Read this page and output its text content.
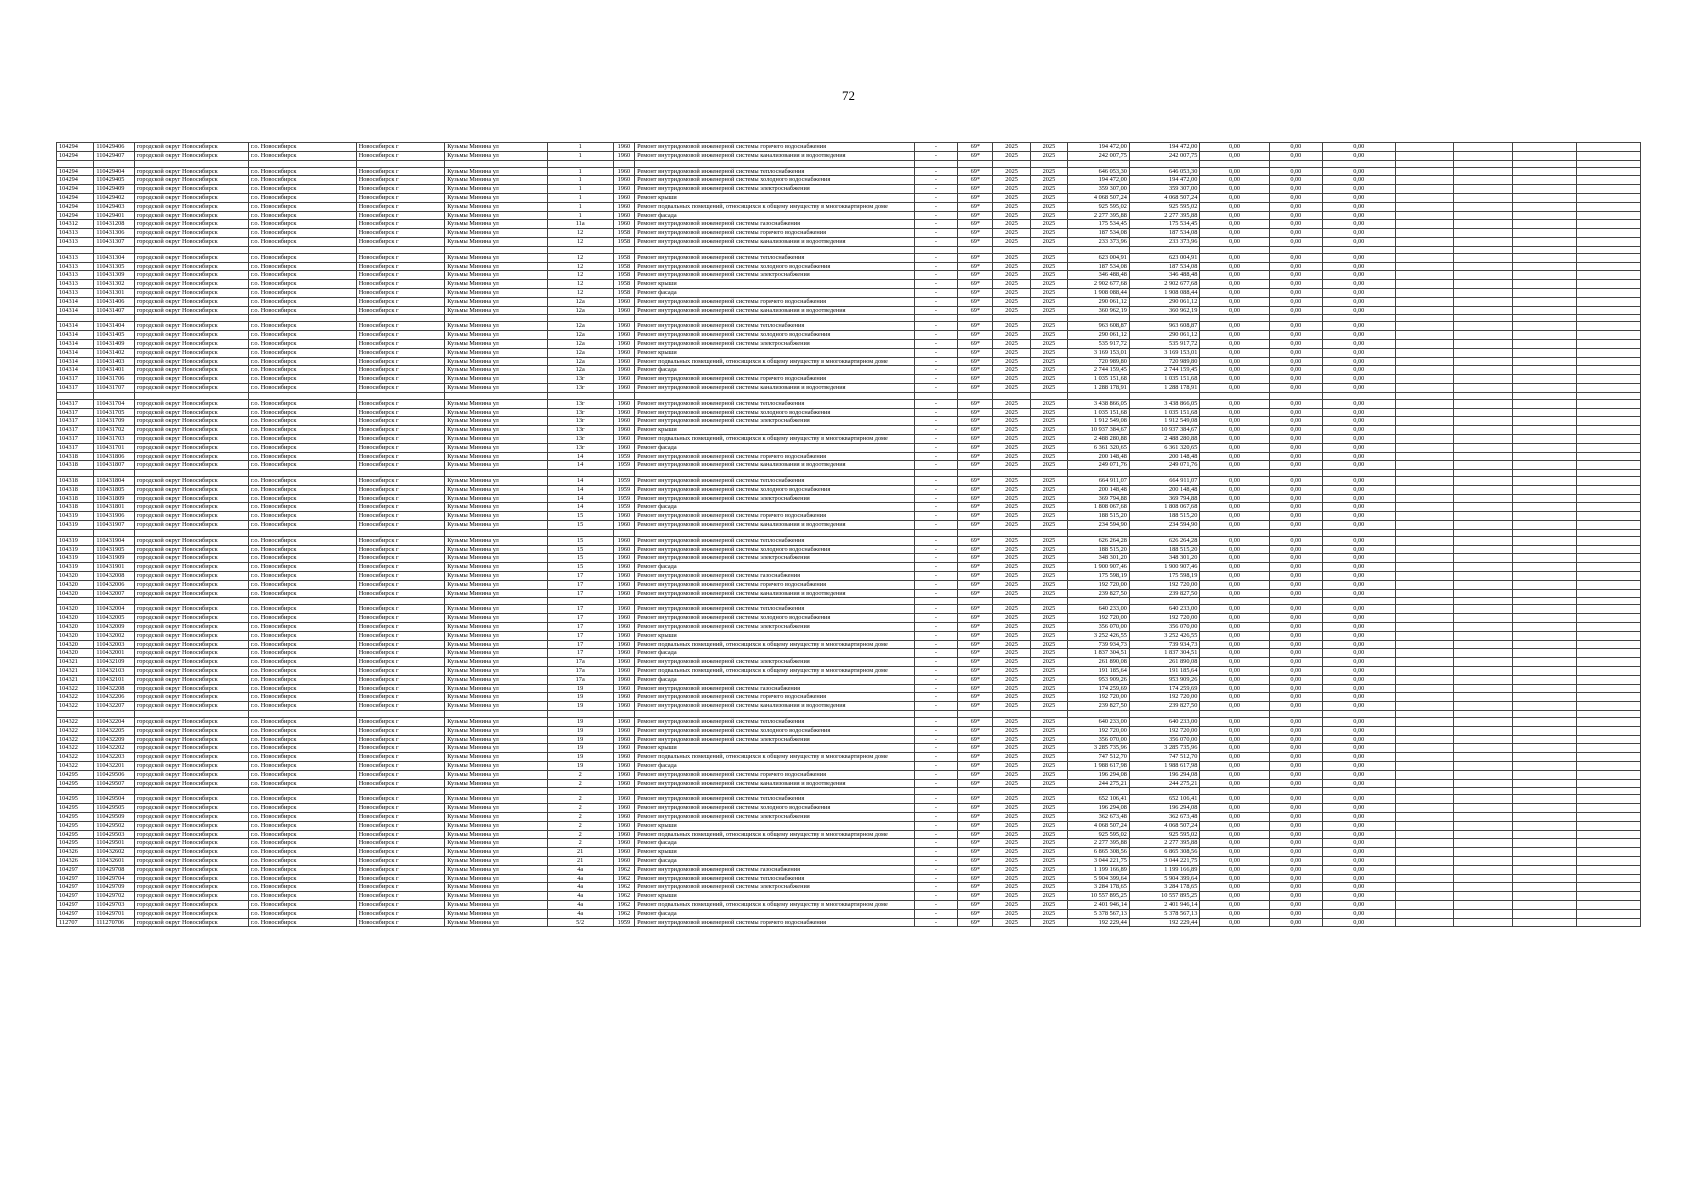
72
104294	110429406	городской округ Новосибирск	г.о. Новосибирск	Новосибирск г	Кузьмы Минина ул	1	1960	Ремонт внутридомовой инженерной системы горячего водоснабжения	-	69*	2025	2025	194 472,00	194 472,00	0,00	0,00	0,00				
104294	110429407	городской округ Новосибирск	г.о. Новосибирск	Новосибирск г	Кузьмы Минина ул	1	1960	Ремонт внутридомовой инженерной системы канализования и водоотведения	-	69*	2025	2025	242 007,75	242 007,75	0,00	0,00	0,00				

104294	110429404	городской округ Новосибирск	г.о. Новосибирск	Новосибирск г	Кузьмы Минина ул	1	1960	Ремонт внутридомовой инженерной системы теплоснабжения	-	69*	2025	2025	646 053,30	646 053,30	0,00	0,00	0,00				
104294	110429405	городской округ Новосибирск	г.о. Новосибирск	Новосибирск г	Кузьмы Минина ул	1	1960	Ремонт внутридомовой инженерной системы холодного водоснабжения	-	69*	2025	2025	194 472,00	194 472,00	0,00	0,00	0,00				
104294	110429409	городской округ Новосибирск	г.о. Новосибирск	Новосибирск г	Кузьмы Минина ул	1	1960	Ремонт внутридомовой инженерной системы электроснабжения	-	69*	2025	2025	359 307,00	359 307,00	0,00	0,00	0,00				
104294	110429402	городской округ Новосибирск	г.о. Новосибирск	Новосибирск г	Кузьмы Минина ул	1	1960	Ремонт крыши	-	69*	2025	2025	4 068 507,24	4 068 507,24	0,00	0,00	0,00				
104294	110429403	городской округ Новосибирск	г.о. Новосибирск	Новосибирск г	Кузьмы Минина ул	1	1960	Ремонт подвальных помещений, относящихся к общему имуществу в многоквартирном доме	-	69*	2025	2025	925 595,02	925 595,02	0,00	0,00	0,00				
104294	110429401	городской округ Новосибирск	г.о. Новосибирск	Новосибирск г	Кузьмы Минина ул	1	1960	Ремонт фасада	-	69*	2025	2025	2 277 395,88	2 277 395,88	0,00	0,00	0,00				
104312	110431208	городской округ Новосибирск	г.о. Новосибирск	Новосибирск г	Кузьмы Минина ул	11а	1960	Ремонт внутридомовой инженерной системы газоснабжения	-	69*	2025	2025	175 534,45	175 534,45	0,00	0,00	0,00				
104313	110431306	городской округ Новосибирск	г.о. Новосибирск	Новосибирск г	Кузьмы Минина ул	12	1958	Ремонт внутридомовой инженерной системы горячего водоснабжения	-	69*	2025	2025	187 534,08	187 534,08	0,00	0,00	0,00				
104313	110431307	городской округ Новосибирск	г.о. Новосибирск	Новосибирск г	Кузьмы Минина ул	12	1958	Ремонт внутридомовой инженерной системы канализования и водоотведения	-	69*	2025	2025	233 373,96	233 373,96	0,00	0,00	0,00				

104313	110431304	городской округ Новосибирск	г.о. Новосибирск	Новосибирск г	Кузьмы Минина ул	12	1958	Ремонт внутридомовой инженерной системы теплоснабжения	-	69*	2025	2025	623 004,91	623 004,91	0,00	0,00	0,00				
104313	110431305	городской округ Новосибирск	г.о. Новосибирск	Новосибирск г	Кузьмы Минина ул	12	1958	Ремонт внутридомовой инженерной системы холодного водоснабжения	-	69*	2025	2025	187 534,08	187 534,08	0,00	0,00	0,00				
104313	110431309	городской округ Новосибирск	г.о. Новосибирск	Новосибирск г	Кузьмы Минина ул	12	1958	Ремонт внутридомовой инженерной системы электроснабжения	-	69*	2025	2025	346 488,48	346 488,48	0,00	0,00	0,00				
104313	110431302	городской округ Новосибирск	г.о. Новосибирск	Новосибирск г	Кузьмы Минина ул	12	1958	Ремонт крыши	-	69*	2025	2025	2 902 677,68	2 902 677,68	0,00	0,00	0,00				
104313	110431301	городской округ Новосибирск	г.о. Новосибирск	Новосибирск г	Кузьмы Минина ул	12	1958	Ремонт фасада	-	69*	2025	2025	1 908 088,44	1 908 088,44	0,00	0,00	0,00				
104314	110431406	городской округ Новосибирск	г.о. Новосибирск	Новосибирск г	Кузьмы Минина ул	12а	1960	Ремонт внутридомовой инженерной системы горячего водоснабжения	-	69*	2025	2025	290 061,12	290 061,12	0,00	0,00	0,00				
104314	110431407	городской округ Новосибирск	г.о. Новосибирск	Новосибирск г	Кузьмы Минина ул	12а	1960	Ремонт внутридомовой инженерной системы канализования и водоотведения	-	69*	2025	2025	360 962,19	360 962,19	0,00	0,00	0,00				

104314	110431404	городской округ Новосибирск	г.о. Новосибирск	Новосибирск г	Кузьмы Минина ул	12а	1960	Ремонт внутридомовой инженерной системы теплоснабжения	-	69*	2025	2025	963 608,87	963 608,87	0,00	0,00	0,00				
104314	110431405	городской округ Новосибирск	г.о. Новосибирск	Новосибирск г	Кузьмы Минина ул	12а	1960	Ремонт внутридомовой инженерной системы холодного водоснабжения	-	69*	2025	2025	290 061,12	290 061,12	0,00	0,00	0,00				
104314	110431409	городской округ Новосибирск	г.о. Новосибирск	Новосибирск г	Кузьмы Минина ул	12а	1960	Ремонт внутридомовой инженерной системы электроснабжения	-	69*	2025	2025	535 917,72	535 917,72	0,00	0,00	0,00				
104314	110431402	городской округ Новосибирск	г.о. Новосибирск	Новосибирск г	Кузьмы Минина ул	12а	1960	Ремонт крыши	-	69*	2025	2025	3 169 153,01	3 169 153,01	0,00	0,00	0,00				
104314	110431403	городской округ Новосибирск	г.о. Новосибирск	Новосибирск г	Кузьмы Минина ул	12а	1960	Ремонт подвальных помещений, относящихся к общему имуществу в многоквартирном доме	-	69*	2025	2025	720 989,80	720 989,80	0,00	0,00	0,00				
104314	110431401	городской округ Новосибирск	г.о. Новосибирск	Новосибирск г	Кузьмы Минина ул	12а	1960	Ремонт фасада	-	69*	2025	2025	2 744 159,45	2 744 159,45	0,00	0,00	0,00				
104317	110431706	городской округ Новосибирск	г.о. Новосибирск	Новосибирск г	Кузьмы Минина ул	13г	1960	Ремонт внутридомовой инженерной системы горячего водоснабжения	-	69*	2025	2025	1 035 151,68	1 035 151,68	0,00	0,00	0,00				
104317	110431707	городской округ Новосибирск	г.о. Новосибирск	Новосибирск г	Кузьмы Минина ул	13г	1960	Ремонт внутридомовой инженерной системы канализования и водоотведения	-	69*	2025	2025	1 288 178,91	1 288 178,91	0,00	0,00	0,00				

104317	110431704	городской округ Новосибирск	г.о. Новосибирск	Новосибирск г	Кузьмы Минина ул	13г	1960	Ремонт внутридомовой инженерной системы теплоснабжения	-	69*	2025	2025	3 438 866,05	3 438 866,05	0,00	0,00	0,00				
104317	110431705	городской округ Новосибирск	г.о. Новосибирск	Новосибирск г	Кузьмы Минина ул	13г	1960	Ремонт внутридомовой инженерной системы холодного водоснабжения	-	69*	2025	2025	1 035 151,68	1 035 151,68	0,00	0,00	0,00				
104317	110431709	городской округ Новосибирск	г.о. Новосибирск	Новосибирск г	Кузьмы Минина ул	13г	1960	Ремонт внутридомовой инженерной системы электроснабжения	-	69*	2025	2025	1 912 549,08	1 912 549,08	0,00	0,00	0,00				
104317	110431702	городской округ Новосибирск	г.о. Новосибирск	Новосибирск г	Кузьмы Минина ул	13г	1960	Ремонт крыши	-	69*	2025	2025	10 937 384,67	10 937 384,67	0,00	0,00	0,00				
104317	110431703	городской округ Новосибирск	г.о. Новосибирск	Новосибирск г	Кузьмы Минина ул	13г	1960	Ремонт подвальных помещений, относящихся к общему имуществу в многоквартирном доме	-	69*	2025	2025	2 488 280,88	2 488 280,88	0,00	0,00	0,00				
104317	110431701	городской округ Новосибирск	г.о. Новосибирск	Новосибирск г	Кузьмы Минина ул	13г	1960	Ремонт фасада	-	69*	2025	2025	6 361 320,65	6 361 320,65	0,00	0,00	0,00				
104318	110431806	городской округ Новосибирск	г.о. Новосибирск	Новосибирск г	Кузьмы Минина ул	14	1959	Ремонт внутридомовой инженерной системы горячего водоснабжения	-	69*	2025	2025	200 148,48	200 148,48	0,00	0,00	0,00				
104318	110431807	городской округ Новосибирск	г.о. Новосибирск	Новосибирск г	Кузьмы Минина ул	14	1959	Ремонт внутридомовой инженерной системы канализования и водоотведения	-	69*	2025	2025	249 071,76	249 071,76	0,00	0,00	0,00				

104318	110431804	городской округ Новосибирск	г.о. Новосибирск	Новосибирск г	Кузьмы Минина ул	14	1959	Ремонт внутридомовой инженерной системы теплоснабжения	-	69*	2025	2025	664 911,07	664 911,07	0,00	0,00	0,00				
104318	110431805	городской округ Новосибирск	г.о. Новосибирск	Новосибирск г	Кузьмы Минина ул	14	1959	Ремонт внутридомовой инженерной системы холодного водоснабжения	-	69*	2025	2025	200 148,48	200 148,48	0,00	0,00	0,00				
104318	110431809	городской округ Новосибирск	г.о. Новосибирск	Новосибирск г	Кузьмы Минина ул	14	1959	Ремонт внутридомовой инженерной системы электроснабжения	-	69*	2025	2025	369 794,88	369 794,88	0,00	0,00	0,00				
104318	110431801	городской округ Новосибирск	г.о. Новосибирск	Новосибирск г	Кузьмы Минина ул	14	1959	Ремонт фасада	-	69*	2025	2025	1 808 067,68	1 808 067,68	0,00	0,00	0,00				
104319	110431906	городской округ Новосибирск	г.о. Новосибирск	Новосибирск г	Кузьмы Минина ул	15	1960	Ремонт внутридомовой инженерной системы горячего водоснабжения	-	69*	2025	2025	188 515,20	188 515,20	0,00	0,00	0,00				
104319	110431907	городской округ Новосибирск	г.о. Новосибирск	Новосибирск г	Кузьмы Минина ул	15	1960	Ремонт внутридомовой инженерной системы канализования и водоотведения	-	69*	2025	2025	234 594,90	234 594,90	0,00	0,00	0,00				

104319	110431904	городской округ Новосибирск	г.о. Новосибирск	Новосибирск г	Кузьмы Минина ул	15	1960	Ремонт внутридомовой инженерной системы теплоснабжения	-	69*	2025	2025	626 264,28	626 264,28	0,00	0,00	0,00				
104319	110431905	городской округ Новосибирск	г.о. Новосибирск	Новосибирск г	Кузьмы Минина ул	15	1960	Ремонт внутридомовой инженерной системы холодного водоснабжения	-	69*	2025	2025	188 515,20	188 515,20	0,00	0,00	0,00				
104319	110431909	городской округ Новосибирск	г.о. Новосибирск	Новосибирск г	Кузьмы Минина ул	15	1960	Ремонт внутридомовой инженерной системы электроснабжения	-	69*	2025	2025	348 301,20	348 301,20	0,00	0,00	0,00				
104319	110431901	городской округ Новосибирск	г.о. Новосибирск	Новосибирск г	Кузьмы Минина ул	15	1960	Ремонт фасада	-	69*	2025	2025	1 900 907,46	1 900 907,46	0,00	0,00	0,00				
104320	110432008	городской округ Новосибирск	г.о. Новосибирск	Новосибирск г	Кузьмы Минина ул	17	1960	Ремонт внутридомовой инженерной системы газоснабжения	-	69*	2025	2025	175 598,19	175 598,19	0,00	0,00	0,00				
104320	110432006	городской округ Новосибирск	г.о. Новосибирск	Новосибирск г	Кузьмы Минина ул	17	1960	Ремонт внутридомовой инженерной системы горячего водоснабжения	-	69*	2025	2025	192 720,00	192 720,00	0,00	0,00	0,00				
104320	110432007	городской округ Новосибирск	г.о. Новосибирск	Новосибирск г	Кузьмы Минина ул	17	1960	Ремонт внутридомовой инженерной системы канализования и водоотведения	-	69*	2025	2025	239 827,50	239 827,50	0,00	0,00	0,00				

104320	110432004	городской округ Новосибирск	г.о. Новосибирск	Новосибирск г	Кузьмы Минина ул	17	1960	Ремонт внутридомовой инженерной системы теплоснабжения	-	69*	2025	2025	640 233,00	640 233,00	0,00	0,00	0,00				
104320	110432005	городской округ Новосибирск	г.о. Новосибирск	Новосибирск г	Кузьмы Минина ул	17	1960	Ремонт внутридомовой инженерной системы холодного водоснабжения	-	69*	2025	2025	192 720,00	192 720,00	0,00	0,00	0,00				
104320	110432009	городской округ Новосибирск	г.о. Новосибирск	Новосибирск г	Кузьмы Минина ул	17	1960	Ремонт внутридомовой инженерной системы электроснабжения	-	69*	2025	2025	356 070,00	356 070,00	0,00	0,00	0,00				
104320	110432002	городской округ Новосибирск	г.о. Новосибирск	Новосибирск г	Кузьмы Минина ул	17	1960	Ремонт крыши	-	69*	2025	2025	3 252 426,55	3 252 426,55	0,00	0,00	0,00				
104320	110432003	городской округ Новосибирск	г.о. Новосибирск	Новосибирск г	Кузьмы Минина ул	17	1960	Ремонт подвальных помещений, относящихся к общему имуществу в многоквартирном доме	-	69*	2025	2025	739 934,73	739 934,73	0,00	0,00	0,00				
104320	110432001	городской округ Новосибирск	г.о. Новосибирск	Новосибирск г	Кузьмы Минина ул	17	1960	Ремонт фасада	-	69*	2025	2025	1 837 304,51	1 837 304,51	0,00	0,00	0,00				
104321	110432109	городской округ Новосибирск	г.о. Новосибирск	Новосибирск г	Кузьмы Минина ул	17а	1960	Ремонт внутридомовой инженерной системы электроснабжения	-	69*	2025	2025	261 890,08	261 890,08	0,00	0,00	0,00				
104321	110432103	городской округ Новосибирск	г.о. Новосибирск	Новосибирск г	Кузьмы Минина ул	17а	1960	Ремонт подвальных помещений, относящихся к общему имуществу в многоквартирном доме	-	69*	2025	2025	191 185,64	191 185,64	0,00	0,00	0,00				
104321	110432101	городской округ Новосибирск	г.о. Новосибирск	Новосибирск г	Кузьмы Минина ул	17а	1960	Ремонт фасада	-	69*	2025	2025	953 909,26	953 909,26	0,00	0,00	0,00				
104322	110432208	городской округ Новосибирск	г.о. Новосибирск	Новосибирск г	Кузьмы Минина ул	19	1960	Ремонт внутридомовой инженерной системы газоснабжения	-	69*	2025	2025	174 259,69	174 259,69	0,00	0,00	0,00				
104322	110432206	городской округ Новосибирск	г.о. Новосибирск	Новосибирск г	Кузьмы Минина ул	19	1960	Ремонт внутридомовой инженерной системы горячего водоснабжения	-	69*	2025	2025	192 720,00	192 720,00	0,00	0,00	0,00				
104322	110432207	городской округ Новосибирск	г.о. Новосибирск	Новосибирск г	Кузьмы Минина ул	19	1960	Ремонт внутридомовой инженерной системы канализования и водоотведения	-	69*	2025	2025	239 827,50	239 827,50	0,00	0,00	0,00				

104322	110432204	городской округ Новосибирск	г.о. Новосибирск	Новосибирск г	Кузьмы Минина ул	19	1960	Ремонт внутридомовой инженерной системы теплоснабжения	-	69*	2025	2025	640 233,00	640 233,00	0,00	0,00	0,00				
104322	110432205	городской округ Новосибирск	г.о. Новосибирск	Новосибирск г	Кузьмы Минина ул	19	1960	Ремонт внутридомовой инженерной системы холодного водоснабжения	-	69*	2025	2025	192 720,00	192 720,00	0,00	0,00	0,00				
104322	110432209	городской округ Новосибирск	г.о. Новосибирск	Новосибирск г	Кузьмы Минина ул	19	1960	Ремонт внутридомовой инженерной системы электроснабжения	-	69*	2025	2025	356 070,00	356 070,00	0,00	0,00	0,00				
104322	110432202	городской округ Новосибирск	г.о. Новосибирск	Новосибирск г	Кузьмы Минина ул	19	1960	Ремонт крыши	-	69*	2025	2025	3 285 735,96	3 285 735,96	0,00	0,00	0,00				
104322	110432203	городской округ Новосибирск	г.о. Новосибирск	Новосибирск г	Кузьмы Минина ул	19	1960	Ремонт подвальных помещений, относящихся к общему имуществу в многоквартирном доме	-	69*	2025	2025	747 512,70	747 512,70	0,00	0,00	0,00				
104322	110432201	городской округ Новосибирск	г.о. Новосибирск	Новосибирск г	Кузьмы Минина ул	19	1960	Ремонт фасада	-	69*	2025	2025	1 988 617,98	1 988 617,98	0,00	0,00	0,00				
104295	110429506	городской округ Новосибирск	г.о. Новосибирск	Новосибирск г	Кузьмы Минина ул	2	1960	Ремонт внутридомовой инженерной системы горячего водоснабжения	-	69*	2025	2025	196 294,08	196 294,08	0,00	0,00	0,00				
104295	110429507	городской округ Новосибирск	г.о. Новосибирск	Новосибирск г	Кузьмы Минина ул	2	1960	Ремонт внутридомовой инженерной системы канализования и водоотведения	-	69*	2025	2025	244 275,21	244 275,21	0,00	0,00	0,00				

104295	110429504	городской округ Новосибирск	г.о. Новосибирск	Новосибирск г	Кузьмы Минина ул	2	1960	Ремонт внутридомовой инженерной системы теплоснабжения	-	69*	2025	2025	652 106,41	652 106,41	0,00	0,00	0,00				
104295	110429505	городской округ Новосибирск	г.о. Новосибирск	Новосибирск г	Кузьмы Минина ул	2	1960	Ремонт внутридомовой инженерной системы холодного водоснабжения	-	69*	2025	2025	196 294,08	196 294,08	0,00	0,00	0,00				
104295	110429509	городской округ Новосибирск	г.о. Новосибирск	Новосибирск г	Кузьмы Минина ул	2	1960	Ремонт внутридомовой инженерной системы электроснабжения	-	69*	2025	2025	362 673,48	362 673,48	0,00	0,00	0,00				
104295	110429502	городской округ Новосибирск	г.о. Новосибирск	Новосибирск г	Кузьмы Минина ул	2	1960	Ремонт крыши	-	69*	2025	2025	4 068 507,24	4 068 507,24	0,00	0,00	0,00				
104295	110429503	городской округ Новосибирск	г.о. Новосибирск	Новосибирск г	Кузьмы Минина ул	2	1960	Ремонт подвальных помещений, относящихся к общему имуществу в многоквартирном доме	-	69*	2025	2025	925 595,02	925 595,02	0,00	0,00	0,00				
104295	110429501	городской округ Новосибирск	г.о. Новосибирск	Новосибирск г	Кузьмы Минина ул	2	1960	Ремонт фасада	-	69*	2025	2025	2 277 395,88	2 277 395,88	0,00	0,00	0,00				
104326	110432602	городской округ Новосибирск	г.о. Новосибирск	Новосибирск г	Кузьмы Минина ул	21	1960	Ремонт крыши	-	69*	2025	2025	6 865 308,56	6 865 308,56	0,00	0,00	0,00				
104326	110432601	городской округ Новосибирск	г.о. Новосибирск	Новосибирск г	Кузьмы Минина ул	21	1960	Ремонт фасада	-	69*	2025	2025	3 044 221,75	3 044 221,75	0,00	0,00	0,00				
104297	110429708	городской округ Новосибирск	г.о. Новосибирск	Новосибирск г	Кузьмы Минина ул	4а	1962	Ремонт внутридомовой инженерной системы газоснабжения	-	69*	2025	2025	1 199 166,89	1 199 166,89	0,00	0,00	0,00				
104297	110429704	городской округ Новосибирск	г.о. Новосибирск	Новосибирск г	Кузьмы Минина ул	4а	1962	Ремонт внутридомовой инженерной системы теплоснабжения	-	69*	2025	2025	5 904 399,64	5 904 399,64	0,00	0,00	0,00				
104297	110429709	городской округ Новосибирск	г.о. Новосибирск	Новосибирск г	Кузьмы Минина ул	4а	1962	Ремонт внутридомовой инженерной системы электроснабжения	-	69*	2025	2025	3 284 178,65	3 284 178,65	0,00	0,00	0,00				
104297	110429702	городской округ Новосибирск	г.о. Новосибирск	Новосибирск г	Кузьмы Минина ул	4а	1962	Ремонт крыши	-	69*	2025	2025	10 557 895,25	10 557 895,25	0,00	0,00	0,00				
104297	110429703	городской округ Новосибирск	г.о. Новосибирск	Новосибирск г	Кузьмы Минина ул	4а	1962	Ремонт подвальных помещений, относящихся к общему имуществу в многоквартирном доме	-	69*	2025	2025	2 401 946,14	2 401 946,14	0,00	0,00	0,00				
104297	110429701	городской округ Новосибирск	г.о. Новосибирск	Новосибирск г	Кузьмы Минина ул	4а	1962	Ремонт фасада	-	69*	2025	2025	5 378 567,13	5 378 567,13	0,00	0,00	0,00				
112707	111270706	городской округ Новосибирск	г.о. Новосибирск	Новосибирск г	Кузьмы Минина ул	5/2	1959	Ремонт внутридомовой инженерной системы горячего водоснабжения	-	69*	2025	2025	192 229,44	192 229,44	0,00	0,00	0,00				
